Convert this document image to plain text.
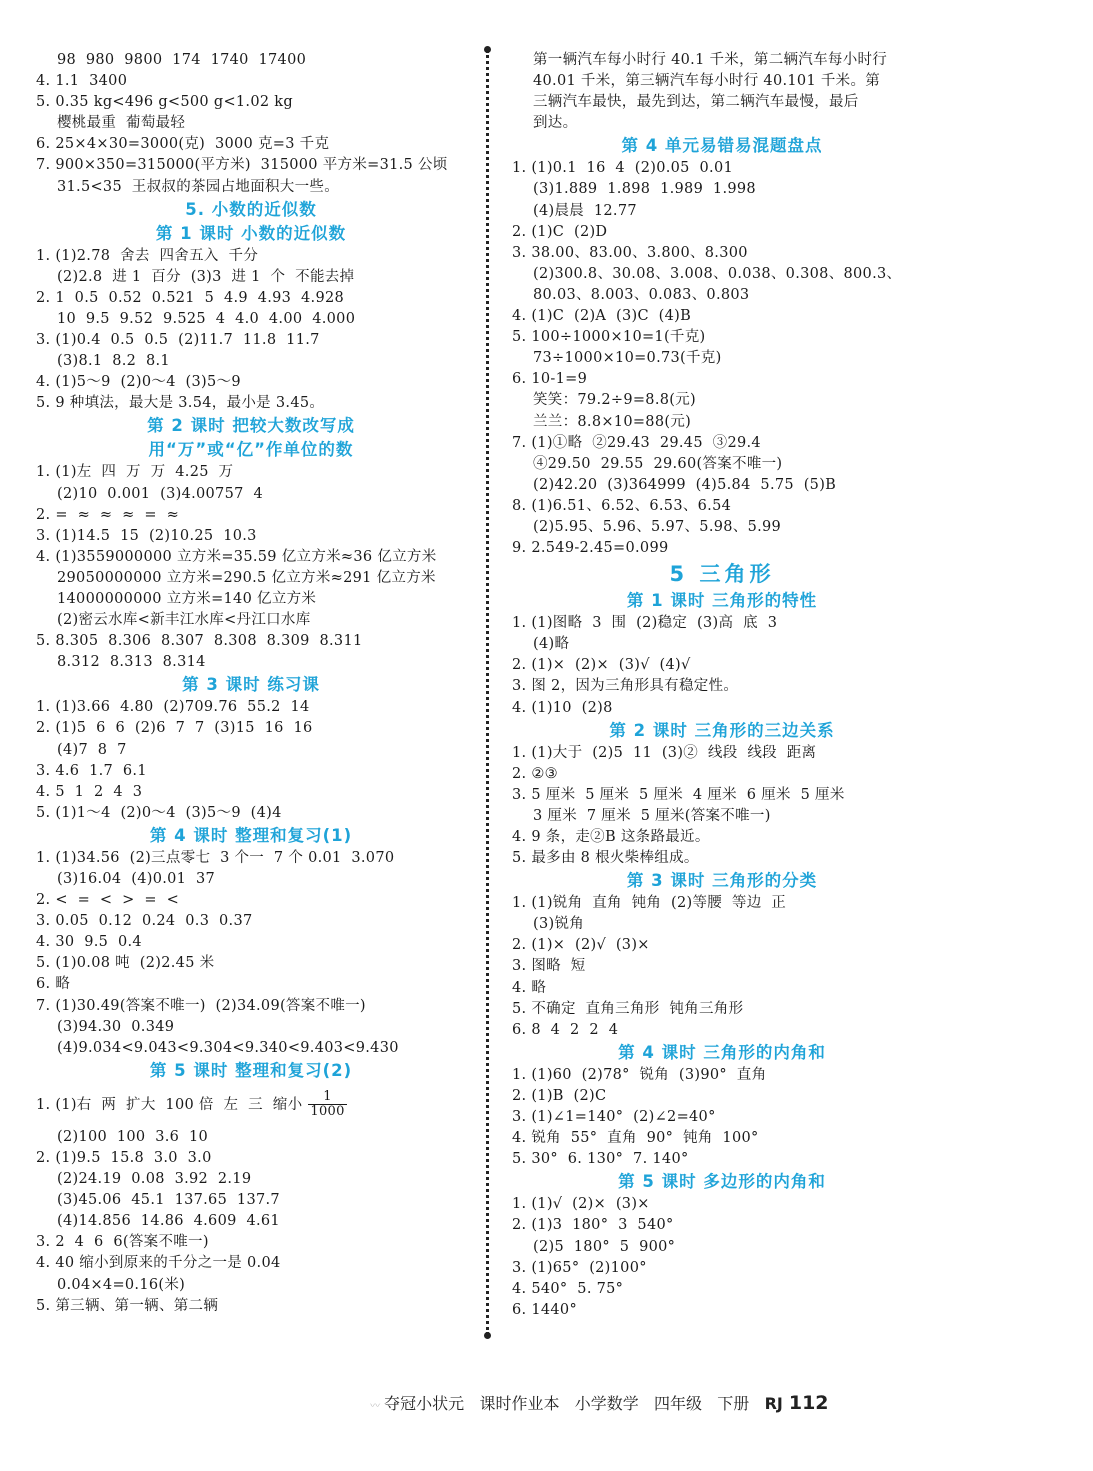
98  980  9800  174  1740  17400
4. 1.1  3400
5. 0.35 kg<496 g<500 g<1.02 kg
樱桃最重  葡萄最轻
6. 25×4×30=3000(克)  3000 克=3 千克
7. 900×350=315000(平方米)  315000 平方米=31.5 公顷
31.5<35  王叔叔的茶园占地面积大一些。
5. 小数的近似数
第 1 课时 小数的近似数
1. (1)2.78  舍去  四舍五入  千分
(2)2.8  进 1  百分  (3)3  进 1  个  不能去掉
2. 1  0.5  0.52  0.521  5  4.9  4.93  4.928
10  9.5  9.52  9.525  4  4.0  4.00  4.000
3. (1)0.4  0.5  0.5  (2)11.7  11.8  11.7
(3)8.1  8.2  8.1
4. (1)5～9  (2)0～4  (3)5～9
5. 9 种填法，最大是 3.54，最小是 3.45。
第 2 课时 把较大数改写成
用“万”或“亿”作单位的数
1. (1)左  四  万  万  4.25  万
(2)10  0.001  (3)4.00757  4
2. =  ≈  ≈  ≈  =  ≈
3. (1)14.5  15  (2)10.25  10.3
4. (1)3559000000 立方米=35.59 亿立方米≈36 亿立方米
29050000000 立方米=290.5 亿立方米≈291 亿立方米
14000000000 立方米=140 亿立方米
(2)密云水库<新丰江水库<丹江口水库
5. 8.305  8.306  8.307  8.308  8.309  8.311
8.312  8.313  8.314
第 3 课时 练习课
1. (1)3.66  4.80  (2)709.76  55.2  14
2. (1)5  6  6  (2)6  7  7  (3)15  16  16
(4)7  8  7
3. 4.6  1.7  6.1
4. 5  1  2  4  3
5. (1)1～4  (2)0～4  (3)5～9  (4)4
第 4 课时 整理和复习(1)
1. (1)34.56  (2)三点零七  3 个一  7 个 0.01  3.070
(3)16.04  (4)0.01  37
2. <  =  <  >  =  <
3. 0.05  0.12  0.24  0.3  0.37
4. 30  9.5  0.4
5. (1)0.08 吨  (2)2.45 米
6. 略
7. (1)30.49(答案不唯一)  (2)34.09(答案不唯一)
(3)94.30  0.349
(4)9.034<9.043<9.304<9.340<9.403<9.430
第 5 课时 整理和复习(2)
1. (1)右  两  扩大  100 倍  左  三  缩小 $\frac{1}{1000}$
(2)100  100  3.6  10
2. (1)9.5  15.8  3.0  3.0
(2)24.19  0.08  3.92  2.19
(3)45.06  45.1  137.65  137.7
(4)14.856  14.86  4.609  4.61
3. 2  4  6  6(答案不唯一)
4. 40 缩小到原来的千分之一是 0.04
0.04×4=0.16(米)
5. 第三辆、第一辆、第二辆
第一辆汽车每小时行 40.1 千米，第二辆汽车每小时行
40.01 千米，第三辆汽车每小时行 40.101 千米。第
三辆汽车最快，最先到达，第二辆汽车最慢，最后
到达。
第 4 单元易错易混题盘点
1. (1)0.1  16  4  (2)0.05  0.01
(3)1.889  1.898  1.989  1.998
(4)晨晨  12.77
2. (1)C  (2)D
3. 38.00、83.00、3.800、8.300
(2)300.8、30.08、3.008、0.038、0.308、800.3、
80.03、8.003、0.083、0.803
4. (1)C  (2)A  (3)C  (4)B
5. 100÷1000×10=1(千克)
73÷1000×10=0.73(千克)
6. 10-1=9
笑笑：79.2÷9=8.8(元)
兰兰：8.8×10=88(元)
7. (1)①略  ②29.43  29.45  ③29.4
④29.50  29.55  29.60(答案不唯一)
(2)42.20  (3)364999  (4)5.84  5.75  (5)B
8. (1)6.51、6.52、6.53、6.54
(2)5.95、5.96、5.97、5.98、5.99
9. 2.549-2.45=0.099
5 三角形
第 1 课时 三角形的特性
1. (1)图略  3  围  (2)稳定  (3)高  底  3
(4)略
2. (1)×  (2)×  (3)√  (4)√
3. 图 2，因为三角形具有稳定性。
4. (1)10  (2)8
第 2 课时 三角形的三边关系
1. (1)大于  (2)5  11  (3)②  线段  线段  距离
2. ②③
3. 5 厘米  5 厘米  5 厘米  4 厘米  6 厘米  5 厘米
3 厘米  7 厘米  5 厘米(答案不唯一)
4. 9 条，走②B 这条路最近。
5. 最多由 8 根火柴棒组成。
第 3 课时 三角形的分类
1. (1)锐角  直角  钝角  (2)等腰  等边  正
(3)锐角
2. (1)×  (2)√  (3)×
3. 图略  短
4. 略
5. 不确定  直角三角形  钝角三角形
6. 8  4  2  2  4
第 4 课时 三角形的内角和
1. (1)60  (2)78°  锐角  (3)90°  直角
2. (1)B  (2)C
3. (1)∠1=140°  (2)∠2=40°
4. 锐角  55°  直角  90°  钝角  100°
5. 30°  6. 130°  7. 140°
第 5 课时 多边形的内角和
1. (1)√  (2)×  (3)×
2. (1)3  180°  3  540°
(2)5  180°  5  900°
3. (1)65°  (2)100°
4. 540°  5. 75°
6. 1440°

〰 夺冠小状元 课时作业本 小学数学 四年级 下册 RJ 112
